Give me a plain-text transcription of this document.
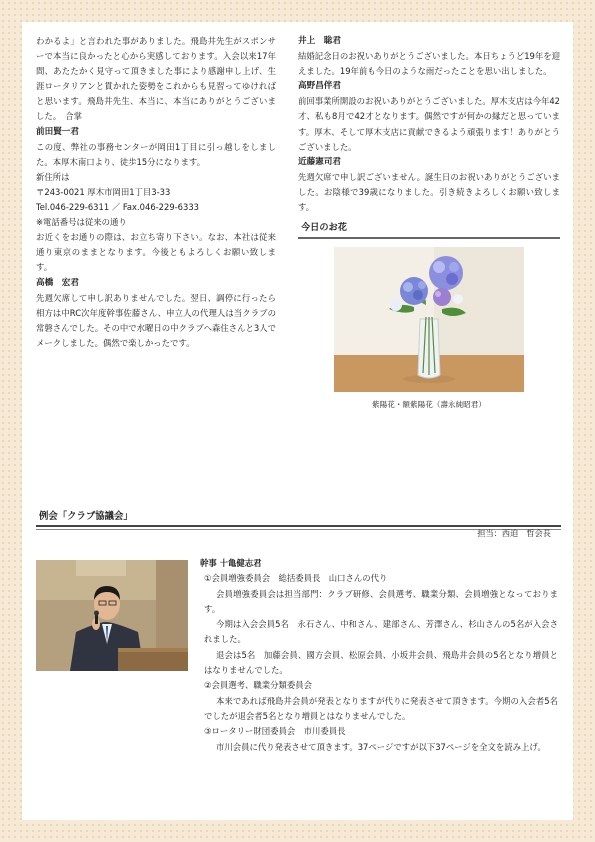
わかるよ」と言われた事がありました。飛島井先生がスポンサーで本当に良かったと心から実感しております。入会以来17年間、あたたかく見守って頂きました事により感謝申し上げ、生涯ロータリアンと貫かれた姿勢をこれからも見習ってゆければと思います。飛島井先生、本当に、本当にありがとうございました。　合掌

前田賢一君

この度、弊社の事務センターが岡田1丁目に引っ越しをしました。本厚木南口より、徒歩15分になります。

新住所は

〒243-0021 厚木市岡田1丁目3-33

Tel.046-229-6311 ／ Fax.046-229-6333

※電話番号は従来の通り

お近くをお通りの際は、お立ち寄り下さい。なお、本社は従来通り東京のままとなります。今後ともよろしくお願い致します。

高橋　宏君

先週欠席して申し訳ありませんでした。翌日、調停に行ったら相方は中RC次年度幹事佐藤さん、申立人の代理人は当クラブの常磐さんでした。その中で水曜日の中クラブへ森住さんと3人でメークしました。偶然で楽しかったです。

井上　聡君

結婚記念日のお祝いありがとうございました。本日ちょうど19年を迎えました。19年前も今日のような雨だったことを思い出しました。

高野昌伴君

前回事業所開設のお祝いありがとうございました。厚木支店は今年42才、私も8月で42才となります。偶然ですが何かの縁だと思っています。厚木、そして厚木支店に貢献できるよう頑張ります！ありがとうございました。

近藤憲司君

先週欠席で申し訳ございません。誕生日のお祝いありがとうございました。お陰様で39歳になりました。引き続きよろしくお願い致します。

今日のお花
紫陽花・額紫陽花（壽永純昭君）
例会「クラブ協議会」
担当：西迫　哲会長

幹事 十亀健志君

①会員増強委員会　総括委員長　山口さんの代り

会員増強委員会は担当部門：クラブ研修、会員選考、職業分類、会員増強となっております。

今期は入会会員5名　永石さん、中和さん、建部さん、芳澤さん、杉山さんの5名が入会されました。

退会は5名　加藤会員、國方会員、松原会員、小坂井会員、飛島井会員の5名となり増員とはなりませんでした。

②会員選考、職業分類委員会

本来であれば飛島井会員が発表となりますが代りに発表させて頂きます。今期の入会者5名でしたが退会者5名となり増員とはなりませんでした。

③ロータリー財団委員会　市川委員長

市川会員に代り発表させて頂きます。37ページですが以下37ページを全文を読み上げ。
